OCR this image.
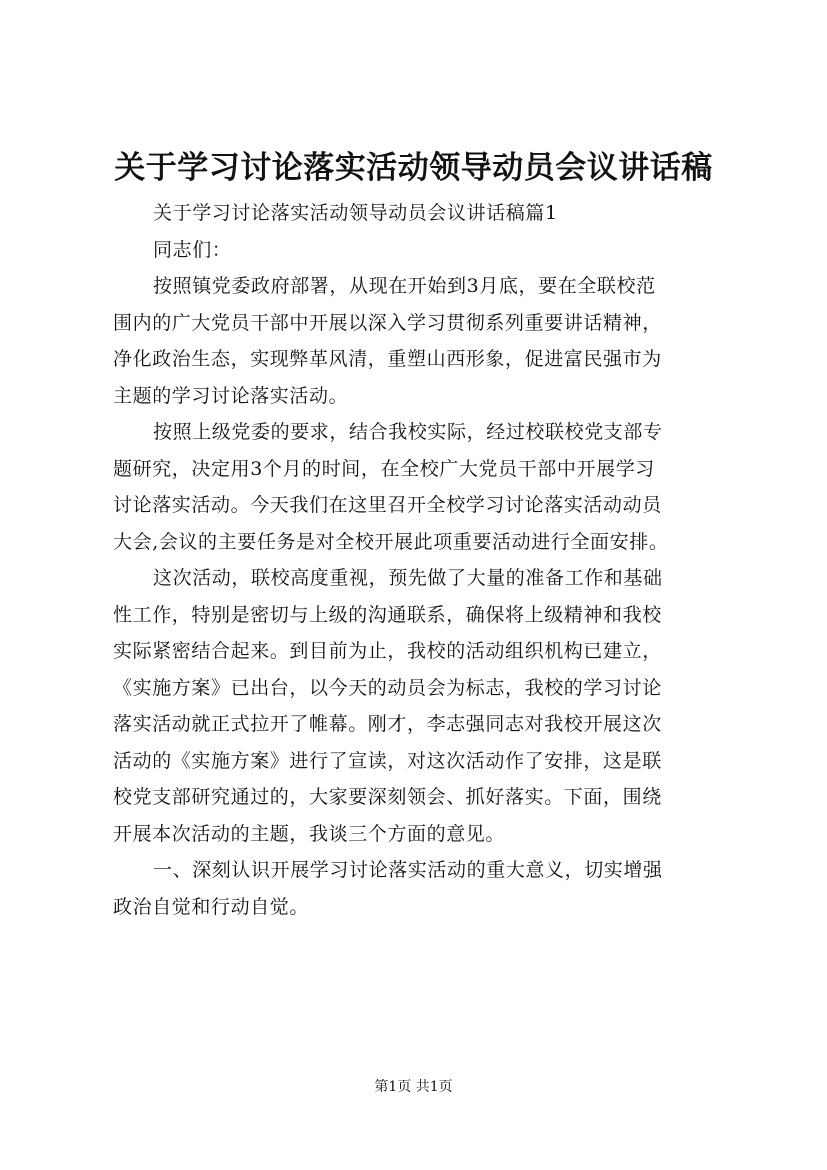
关于学习讨论落实活动领导动员会议讲话稿
关于学习讨论落实活动领导动员会议讲话稿篇1
同志们：
按照镇党委政府部署，从现在开始到3月底，要在全联校范
围内的广大党员干部中开展以深入学习贯彻系列重要讲话精神，
净化政治生态，实现弊革风清，重塑山西形象，促进富民强市为
主题的学习讨论落实活动。
按照上级党委的要求，结合我校实际，经过校联校党支部专
题研究，决定用3个月的时间，在全校广大党员干部中开展学习
讨论落实活动。今天我们在这里召开全校学习讨论落实活动动员
大会,会议的主要任务是对全校开展此项重要活动进行全面安排。
这次活动，联校高度重视，预先做了大量的准备工作和基础
性工作，特别是密切与上级的沟通联系，确保将上级精神和我校
实际紧密结合起来。到目前为止，我校的活动组织机构已建立，
《实施方案》已出台，以今天的动员会为标志，我校的学习讨论
落实活动就正式拉开了帷幕。刚才，李志强同志对我校开展这次
活动的《实施方案》进行了宣读，对这次活动作了安排，这是联
校党支部研究通过的，大家要深刻领会、抓好落实。下面，围绕
开展本次活动的主题，我谈三个方面的意见。
一、深刻认识开展学习讨论落实活动的重大意义，切实增强
政治自觉和行动自觉。
第1页 共1页
